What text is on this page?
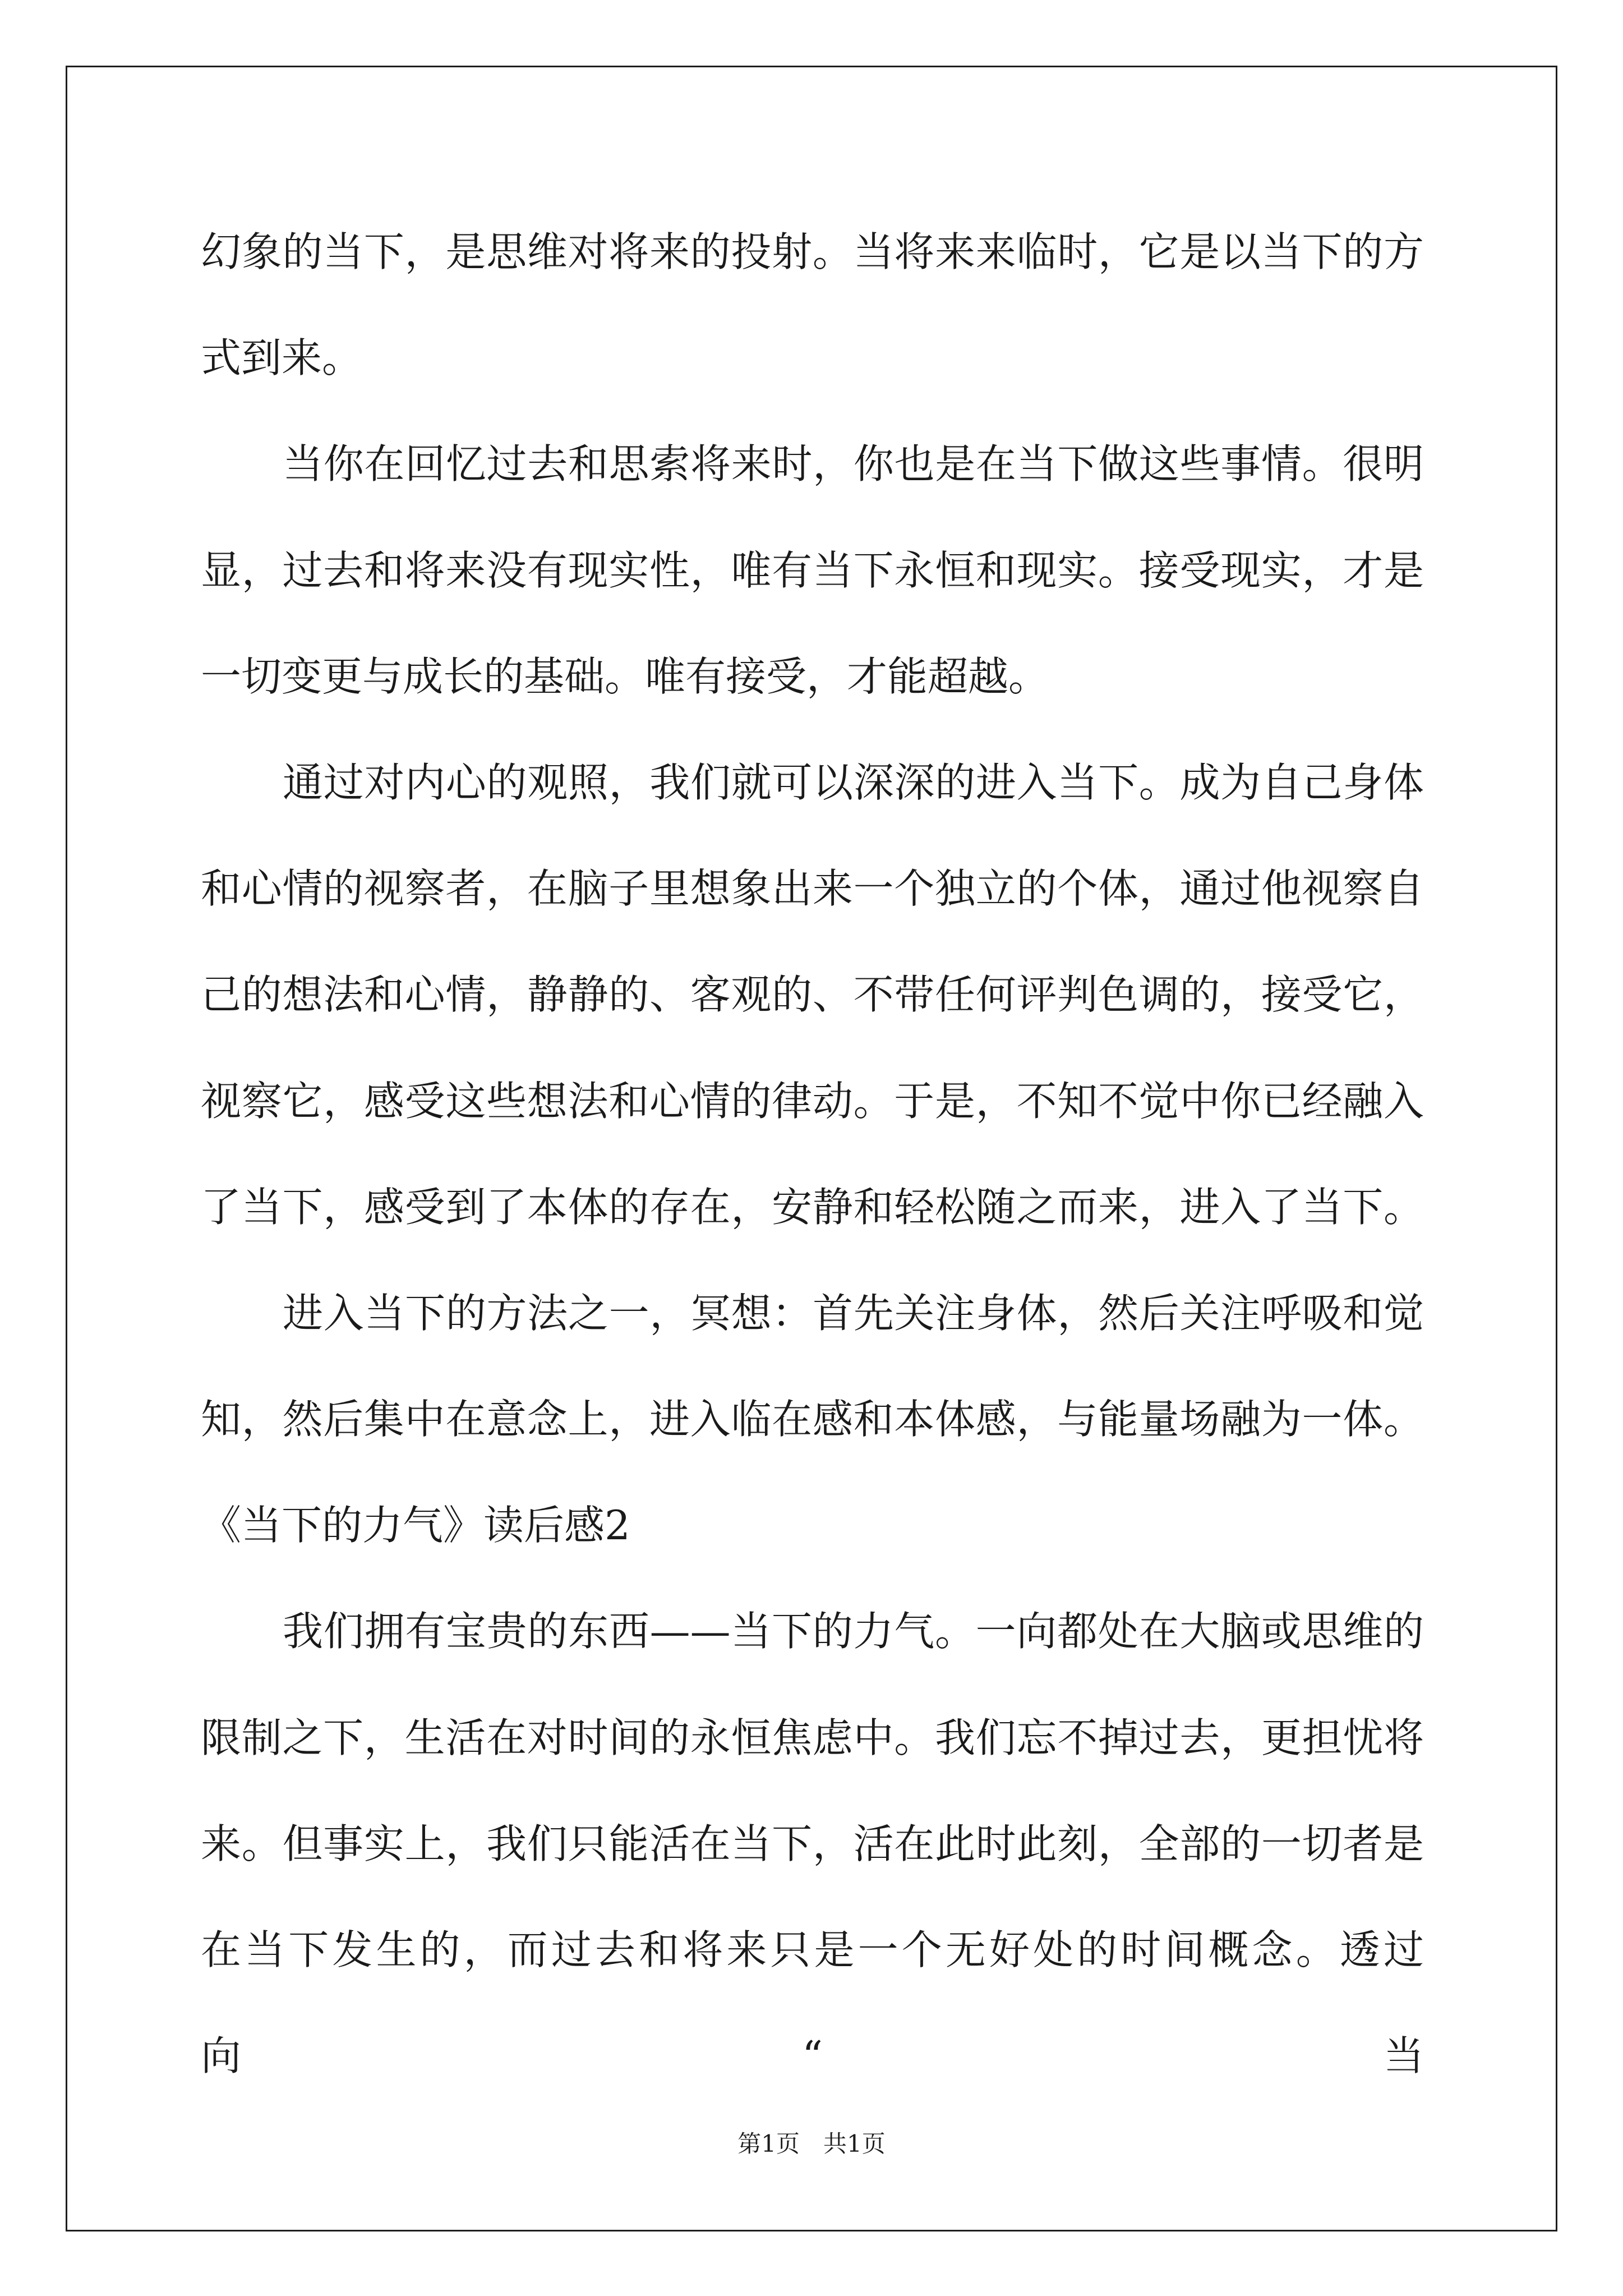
幻象的当下，是思维对将来的投射。当将来来临时，它是以当下的方
式到来。
当你在回忆过去和思索将来时，你也是在当下做这些事情。很明
显，过去和将来没有现实性，唯有当下永恒和现实。接受现实，才是
一切变更与成长的基础。唯有接受，才能超越。
通过对内心的观照，我们就可以深深的进入当下。成为自己身体
和心情的视察者，在脑子里想象出来一个独立的个体，通过他视察自
己的想法和心情，静静的、客观的、不带任何评判色调的，接受它，
视察它，感受这些想法和心情的律动。于是，不知不觉中你已经融入
了当下，感受到了本体的存在，安静和轻松随之而来，进入了当下。
进入当下的方法之一，冥想：首先关注身体，然后关注呼吸和觉
知，然后集中在意念上，进入临在感和本体感，与能量场融为一体。
《当下的力气》读后感2
我们拥有宝贵的东西——当下的力气。一向都处在大脑或思维的
限制之下，生活在对时间的永恒焦虑中。我们忘不掉过去，更担忧将
来。但事实上，我们只能活在当下，活在此时此刻，全部的一切者是
在当下发生的，而过去和将来只是一个无好处的时间概念。透过向“当
第1页　共1页
